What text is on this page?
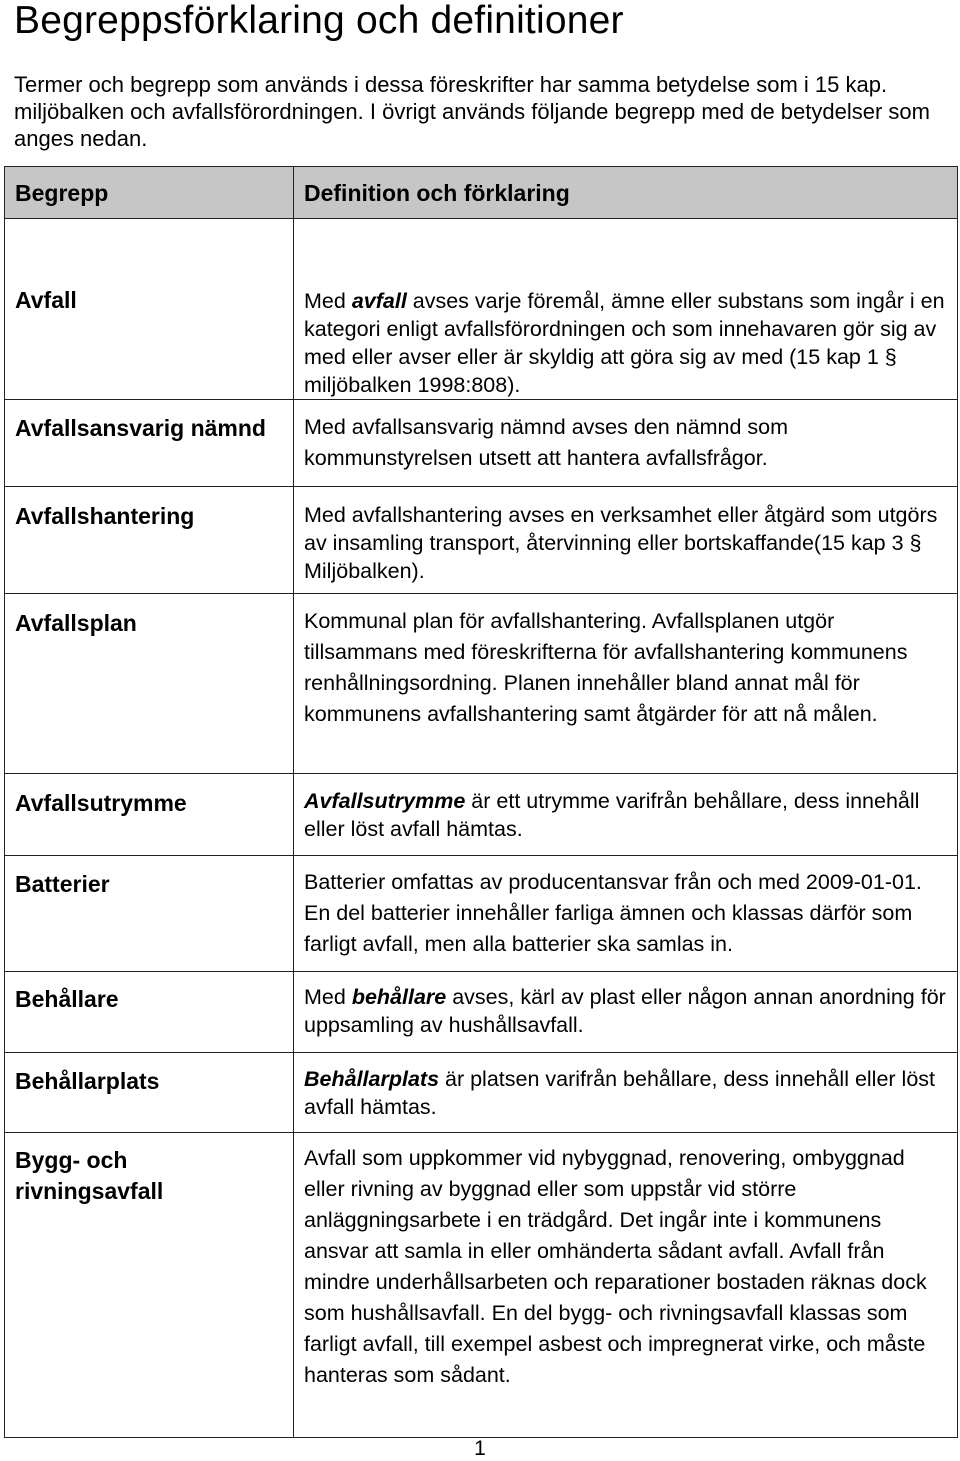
Begreppsförklaring och definitioner

Termer och begrepp som används i dessa föreskrifter har samma betydelse som i 15 kap. miljöbalken och avfallsförordningen. I övrigt används följande begrepp med de betydelser som anges nedan.

Begrepp	Definition och förklaring
Avfall	Med avfall avses varje föremål, ämne eller substans som ingår i en kategori enligt avfallsförordningen och som innehavaren gör sig av med eller avser eller är skyldig att göra sig av med (15 kap 1 § miljöbalken 1998:808).

Avfallsansvarig nämnd	Med avfallsansvarig nämnd avses den nämnd som kommunstyrelsen utsett att hantera avfallsfrågor.

Avfallshantering	Med avfallshantering avses en verksamhet eller åtgärd som utgörs av insamling transport, återvinning eller bortskaffande(15 kap 3 § Miljöbalken).

Avfallsplan	Kommunal plan för avfallshantering. Avfallsplanen utgör tillsammans med föreskrifterna för avfallshantering kommunens renhållningsordning. Planen innehåller bland annat mål för kommunens avfallshantering samt åtgärder för att nå målen.

Avfallsutrymme	Avfallsutrymme är ett utrymme varifrån behållare, dess innehåll eller löst avfall hämtas.

Batterier	Batterier omfattas av producentansvar från och med 2009-01-01. En del batterier innehåller farliga ämnen och klassas därför som farligt avfall, men alla batterier ska samlas in.

Behållare	Med behållare avses, kärl av plast eller någon annan anordning för uppsamling av hushållsavfall.

Behållarplats	Behållarplats är platsen varifrån behållare, dess innehåll eller löst avfall hämtas.

Bygg- och rivningsavfall	Avfall som uppkommer vid nybyggnad, renovering, ombyggnad eller rivning av byggnad eller som uppstår vid större anläggningsarbete i en trädgård. Det ingår inte i kommunens ansvar att samla in eller omhänderta sådant avfall. Avfall från mindre underhållsarbeten och reparationer bostaden räknas dock som hushållsavfall. En del bygg- och rivningsavfall klassas som farligt avfall, till exempel asbest och impregnerat virke, och måste hanteras som sådant.
1
